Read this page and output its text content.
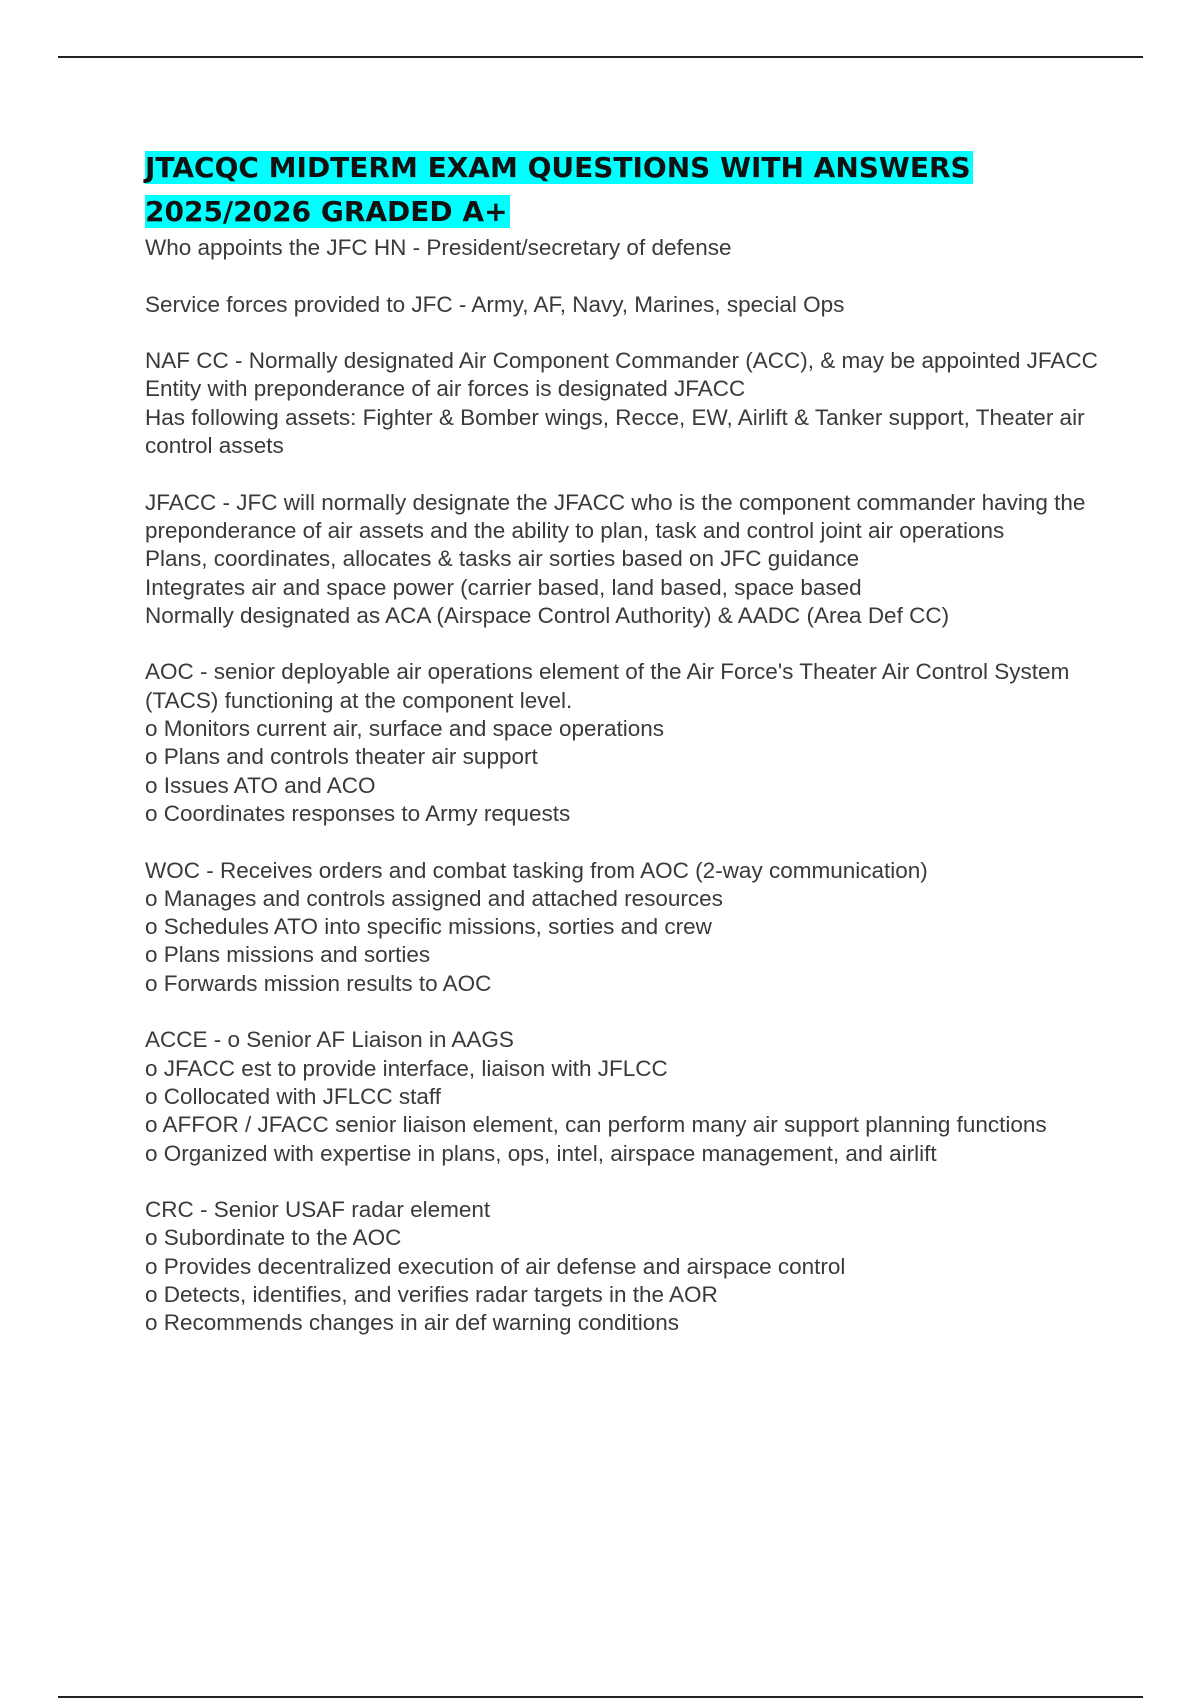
JTACQC MIDTERM EXAM QUESTIONS WITH ANSWERS 2025/2026 GRADED A+
Who appoints the JFC HN - President/secretary of defense
Service forces provided to JFC - Army, AF, Navy, Marines, special Ops
NAF CC - Normally designated Air Component Commander (ACC), & may be appointed JFACC
Entity with preponderance of air forces is designated JFACC
Has following assets: Fighter & Bomber wings, Recce, EW, Airlift & Tanker support, Theater air control assets
JFACC - JFC will normally designate the JFACC who is the component commander having the preponderance of air assets and the ability to plan, task and control joint air operations
Plans, coordinates, allocates & tasks air sorties based on JFC guidance
Integrates air and space power (carrier based, land based, space based
Normally designated as ACA (Airspace Control Authority) & AADC (Area Def CC)
AOC - senior deployable air operations element of the Air Force's Theater Air Control System (TACS) functioning at the component level.
o Monitors current air, surface and space operations
o Plans and controls theater air support
o Issues ATO and ACO
o Coordinates responses to Army requests
WOC - Receives orders and combat tasking from AOC (2-way communication)
o Manages and controls assigned and attached resources
o Schedules ATO into specific missions, sorties and crew
o Plans missions and sorties
o Forwards mission results to AOC
ACCE - o Senior AF Liaison in AAGS
o JFACC est to provide interface, liaison with JFLCC
o Collocated with JFLCC staff
o AFFOR / JFACC senior liaison element, can perform many air support planning functions
o Organized with expertise in plans, ops, intel, airspace management, and airlift
CRC - Senior USAF radar element
o Subordinate to the AOC
o Provides decentralized execution of air defense and airspace control
o Detects, identifies, and verifies radar targets in the AOR
o Recommends changes in air def warning conditions
